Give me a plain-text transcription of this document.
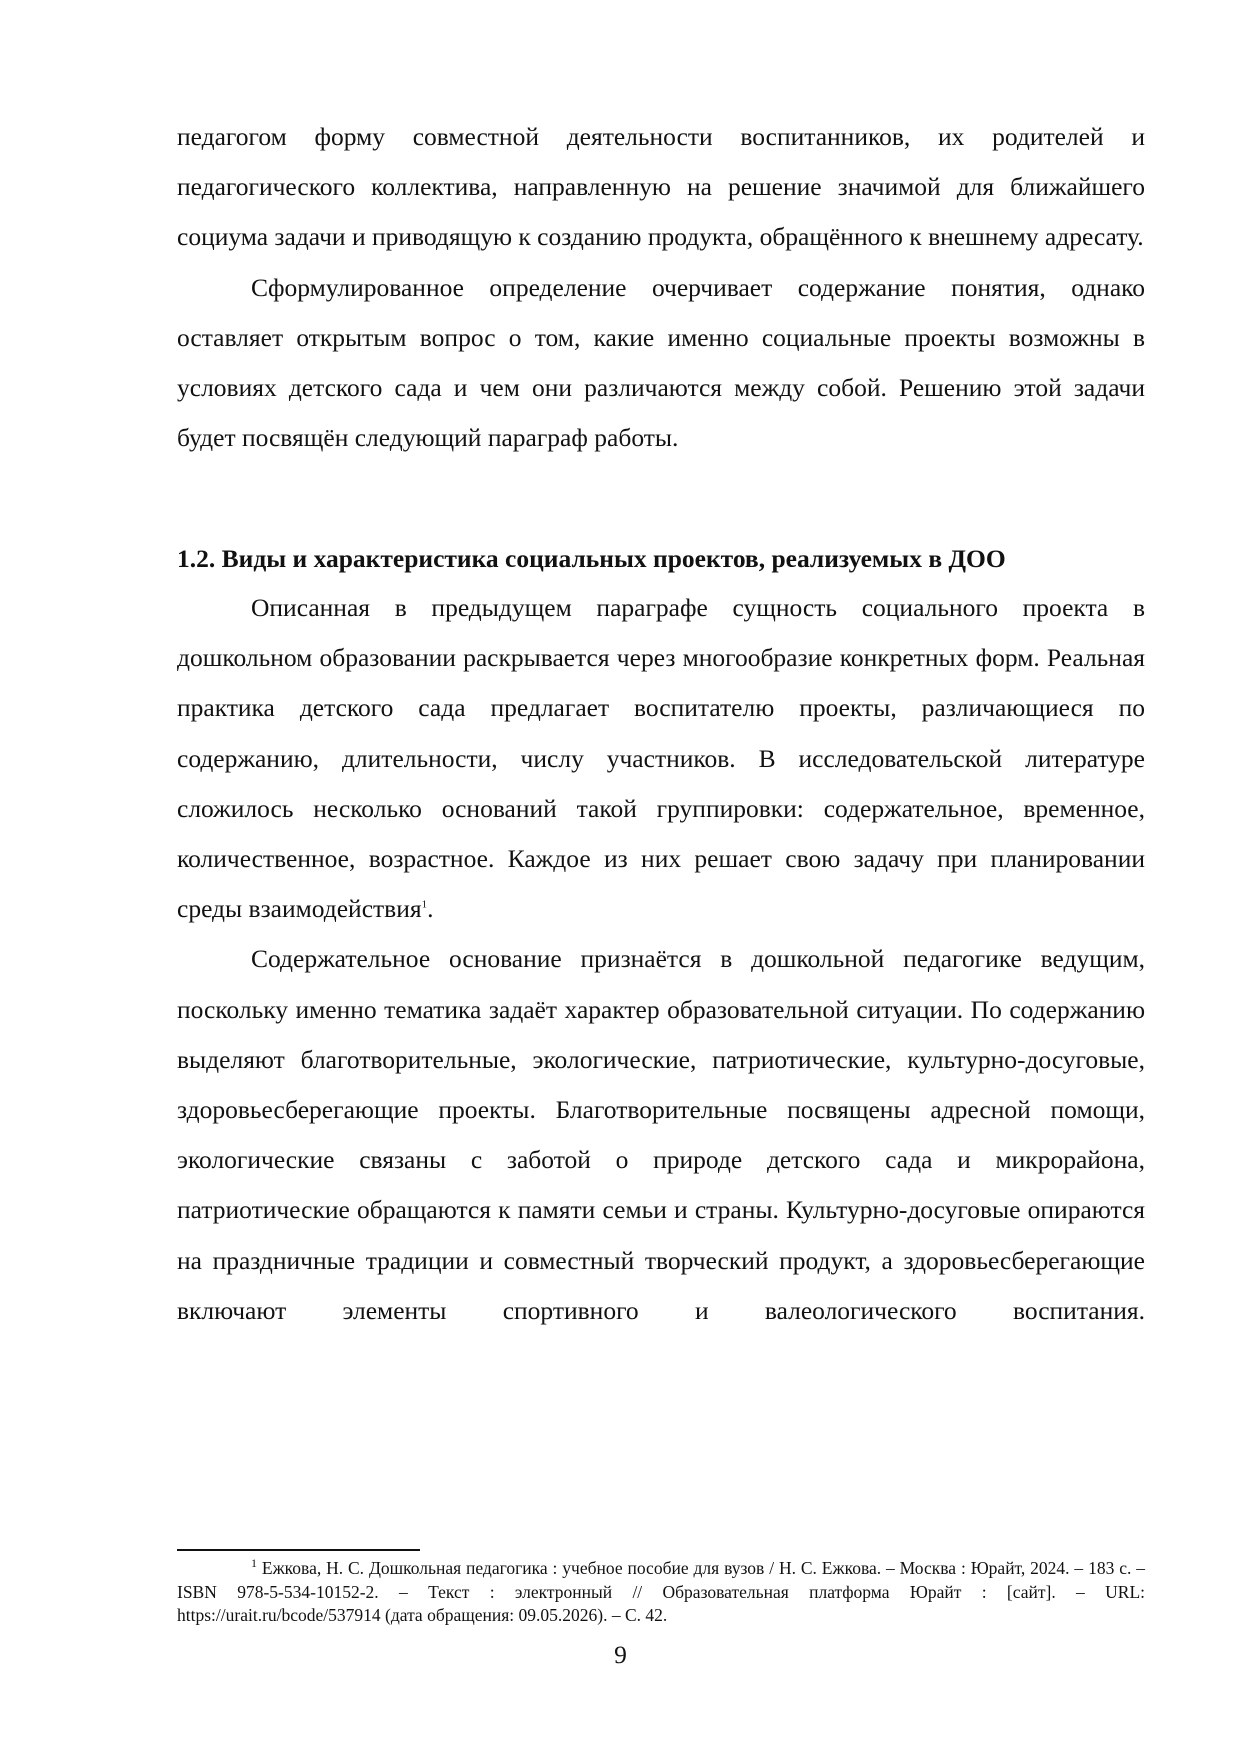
педагогом форму совместной деятельности воспитанников, их родителей и педагогического коллектива, направленную на решение значимой для ближайшего социума задачи и приводящую к созданию продукта, обращённого к внешнему адресату.

Сформулированное определение очерчивает содержание понятия, однако оставляет открытым вопрос о том, какие именно социальные проекты возможны в условиях детского сада и чем они различаются между собой. Решению этой задачи будет посвящён следующий параграф работы.

1.2. Виды и характеристика социальных проектов, реализуемых в ДОО

Описанная в предыдущем параграфе сущность социального проекта в дошкольном образовании раскрывается через многообразие конкретных форм. Реальная практика детского сада предлагает воспитателю проекты, различающиеся по содержанию, длительности, числу участников. В исследовательской литературе сложилось несколько оснований такой группировки: содержательное, временное, количественное, возрастное. Каждое из них решает свою задачу при планировании среды взаимодействия$^1$.

Содержательное основание признаётся в дошкольной педагогике ведущим, поскольку именно тематика задаёт характер образовательной ситуации. По содержанию выделяют благотворительные, экологические, патриотические, культурно-досуговые, здоровьесберегающие проекты. Благотворительные посвящены адресной помощи, экологические связаны с заботой о природе детского сада и микрорайона, патриотические обращаются к памяти семьи и страны. Культурно-досуговые опираются на праздничные традиции и совместный творческий продукт, а здоровьесберегающие включают элементы спортивного и валеологического воспитания.

$^1$ Ежкова, Н. С. Дошкольная педагогика : учебное пособие для вузов / Н. С. Ежкова. – Москва : Юрайт, 2024. – 183 с. – ISBN 978-5-534-10152-2. – Текст : электронный // Образовательная платформа Юрайт : [сайт]. – URL: https://urait.ru/bcode/537914 (дата обращения: 09.05.2026). – С. 42.

9
